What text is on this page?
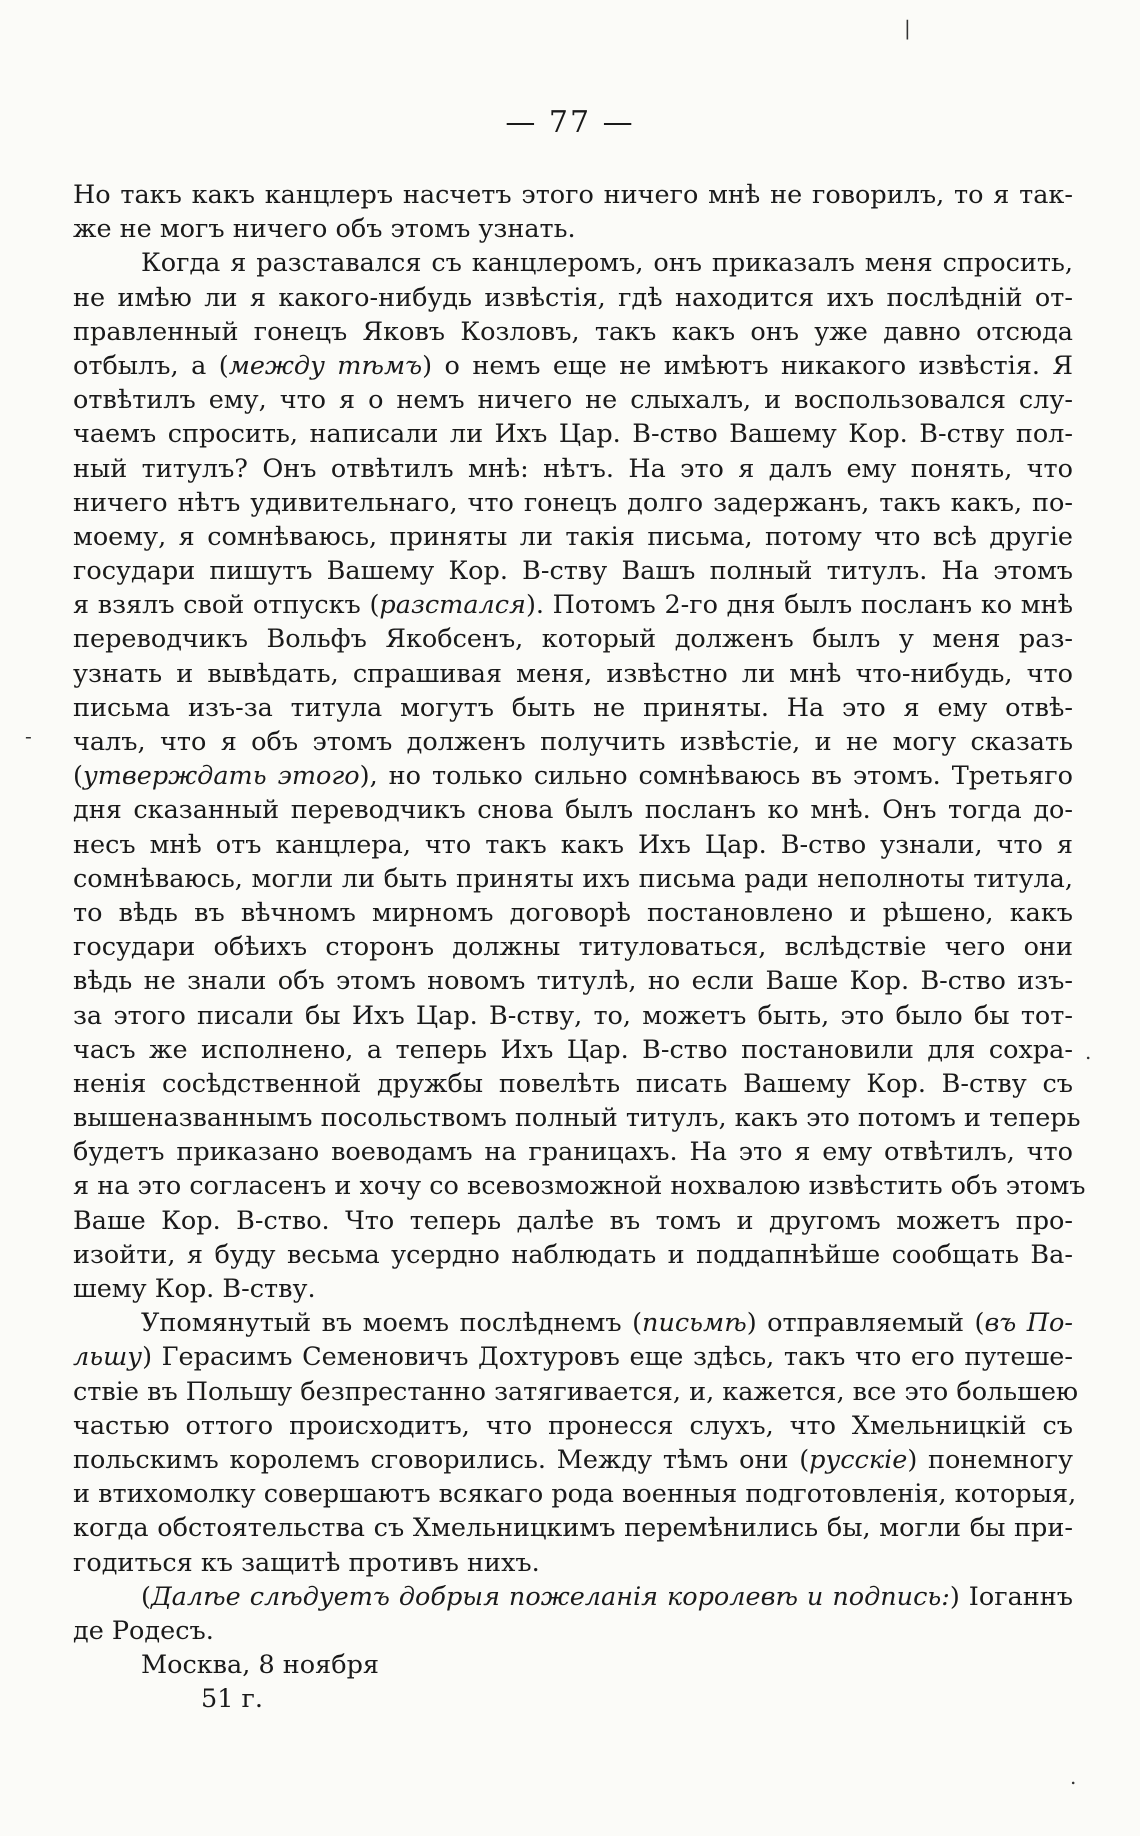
— 77 —
Но такъ какъ канцлеръ насчетъ этого ничего мнѣ не говорилъ, то я так-
же не могъ ничего объ этомъ узнать.
Когда я разставался съ канцлеромъ, онъ приказалъ меня спросить,
не имѣю ли я какого-нибудь извѣстія, гдѣ находится ихъ послѣдній от-
правленный гонецъ Яковъ Козловъ, такъ какъ онъ уже давно отсюда
отбылъ, а (между тѣмъ) о немъ еще не имѣютъ никакого извѣстія. Я
отвѣтилъ ему, что я о немъ ничего не слыхалъ, и воспользовался слу-
чаемъ спросить, написали ли Ихъ Цар. В-ство Вашему Кор. В-ству пол-
ный титулъ? Онъ отвѣтилъ мнѣ: нѣтъ. На это я далъ ему понять, что
ничего нѣтъ удивительнаго, что гонецъ долго задержанъ, такъ какъ, по-
моему, я сомнѣваюсь, приняты ли такія письма, потому что всѣ другіе
государи пишутъ Вашему Кор. В-ству Вашъ полный титулъ. На этомъ
я взялъ свой отпускъ (разстался). Потомъ 2-го дня былъ посланъ ко мнѣ
переводчикъ Вольфъ Якобсенъ, который долженъ былъ у меня раз-
узнать и вывѣдать, спрашивая меня, извѣстно ли мнѣ что-нибудь, что
письма изъ-за титула могутъ быть не приняты. На это я ему отвѣ-
чалъ, что я объ этомъ долженъ получить извѣстіе, и не могу сказать
(утверждать этого), но только сильно сомнѣваюсь въ этомъ. Третьяго
дня сказанный переводчикъ снова былъ посланъ ко мнѣ. Онъ тогда до-
несъ мнѣ отъ канцлера, что такъ какъ Ихъ Цар. В-ство узнали, что я
сомнѣваюсь, могли ли быть приняты ихъ письма ради неполноты титула,
то вѣдь въ вѣчномъ мирномъ договорѣ постановлено и рѣшено, какъ
государи обѣихъ сторонъ должны титуловаться, вслѣдствіе чего они
вѣдь не знали объ этомъ новомъ титулѣ, но если Ваше Кор. В-ство изъ-
за этого писали бы Ихъ Цар. В-ству, то, можетъ быть, это было бы тот-
часъ же исполнено, а теперь Ихъ Цар. В-ство постановили для сохра-
ненія сосѣдственной дружбы повелѣть писать Вашему Кор. В-ству съ
вышеназваннымъ посольствомъ полный титулъ, какъ это потомъ и теперь
будетъ приказано воеводамъ на границахъ. На это я ему отвѣтилъ, что
я на это согласенъ и хочу со всевозможной нохвалою извѣстить объ этомъ
Ваше Кор. В-ство. Что теперь далѣе въ томъ и другомъ можетъ про-
изойти, я буду весьма усердно наблюдать и поддапнѣйше сообщать Ва-
шему Кор. В-ству.
Упомянутый въ моемъ послѣднемъ (письмѣ) отправляемый (въ По-
льшу) Герасимъ Семеновичъ Дохтуровъ еще здѣсь, такъ что его путеше-
ствіе въ Польшу безпрестанно затягивается, и, кажется, все это большею
частью оттого происходитъ, что пронесся слухъ, что Хмельницкій съ
польскимъ королемъ сговорились. Между тѣмъ они (русскіе) понемногу
и втихомолку совершаютъ всякаго рода военныя подготовленія, которыя,
когда обстоятельства съ Хмельницкимъ перемѣнились бы, могли бы при-
годиться къ защитѣ противъ нихъ.
(Далѣе слѣдуетъ добрыя пожеланія королевѣ и подпись:) Іоганнъ
де Родесъ.
Москва, 8 ноября
51 г.
|
-
.
.
